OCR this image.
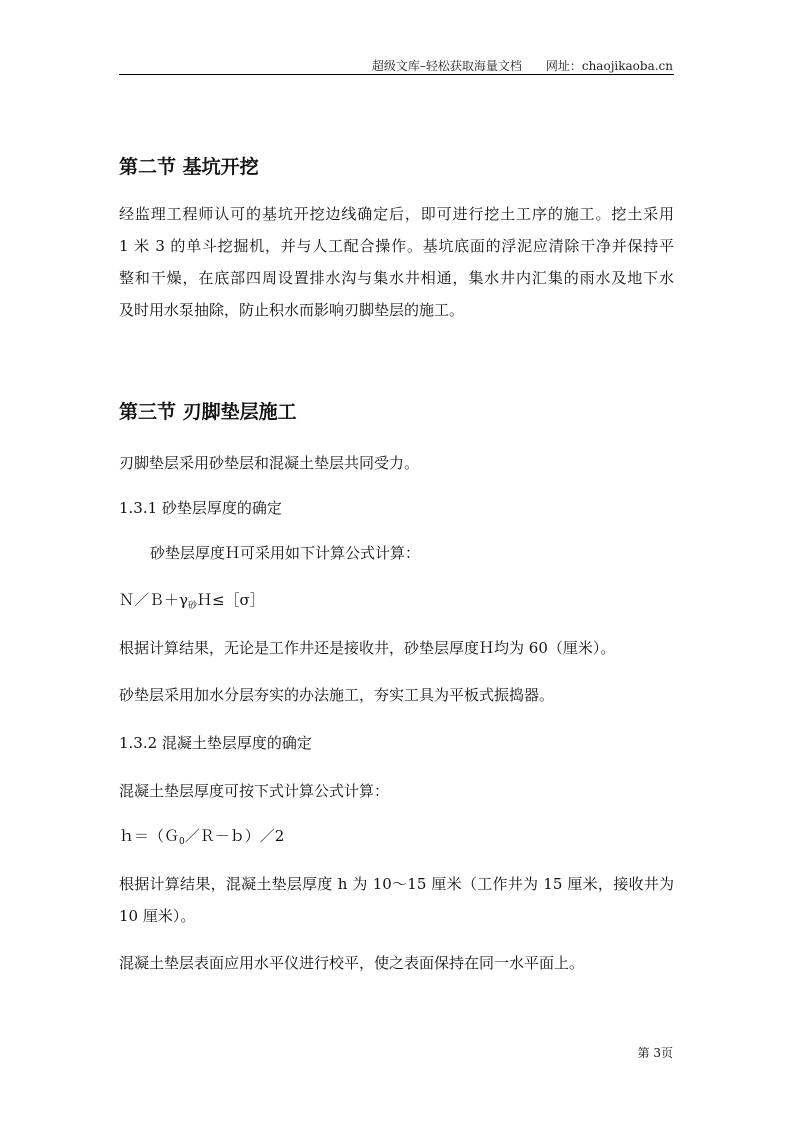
超级文库–轻松获取海量文档　　 网址：chaojikaoba.cn
第二节 基坑开挖
经监理工程师认可的基坑开挖边线确定后，即可进行挖土工序的施工。挖土采用
1 米 3 的单斗挖掘机，并与人工配合操作。基坑底面的浮泥应清除干净并保持平
整和干燥，在底部四周设置排水沟与集水井相通，集水井内汇集的雨水及地下水
及时用水泵抽除，防止积水而影响刃脚垫层的施工。
第三节 刃脚垫层施工
刃脚垫层采用砂垫层和混凝土垫层共同受力。
1.3.1 砂垫层厚度的确定
砂垫层厚度Ｈ可采用如下计算公式计算：
$N/B+\gamma_砂H\le[\sigma]$
根据计算结果，无论是工作井还是接收井，砂垫层厚度Ｈ均为 60（厘米）。
砂垫层采用加水分层夯实的办法施工，夯实工具为平板式振捣器。
1.3.2 混凝土垫层厚度的确定
混凝土垫层厚度可按下式计算公式计算：
ｈ＝（Ｇ$_0$／Ｒ－ｂ）／2
根据计算结果，混凝土垫层厚度 h 为 10～15 厘米（工作井为 15 厘米，接收井为
10 厘米）。
混凝土垫层表面应用水平仪进行校平，使之表面保持在同一水平面上。
第 3页
